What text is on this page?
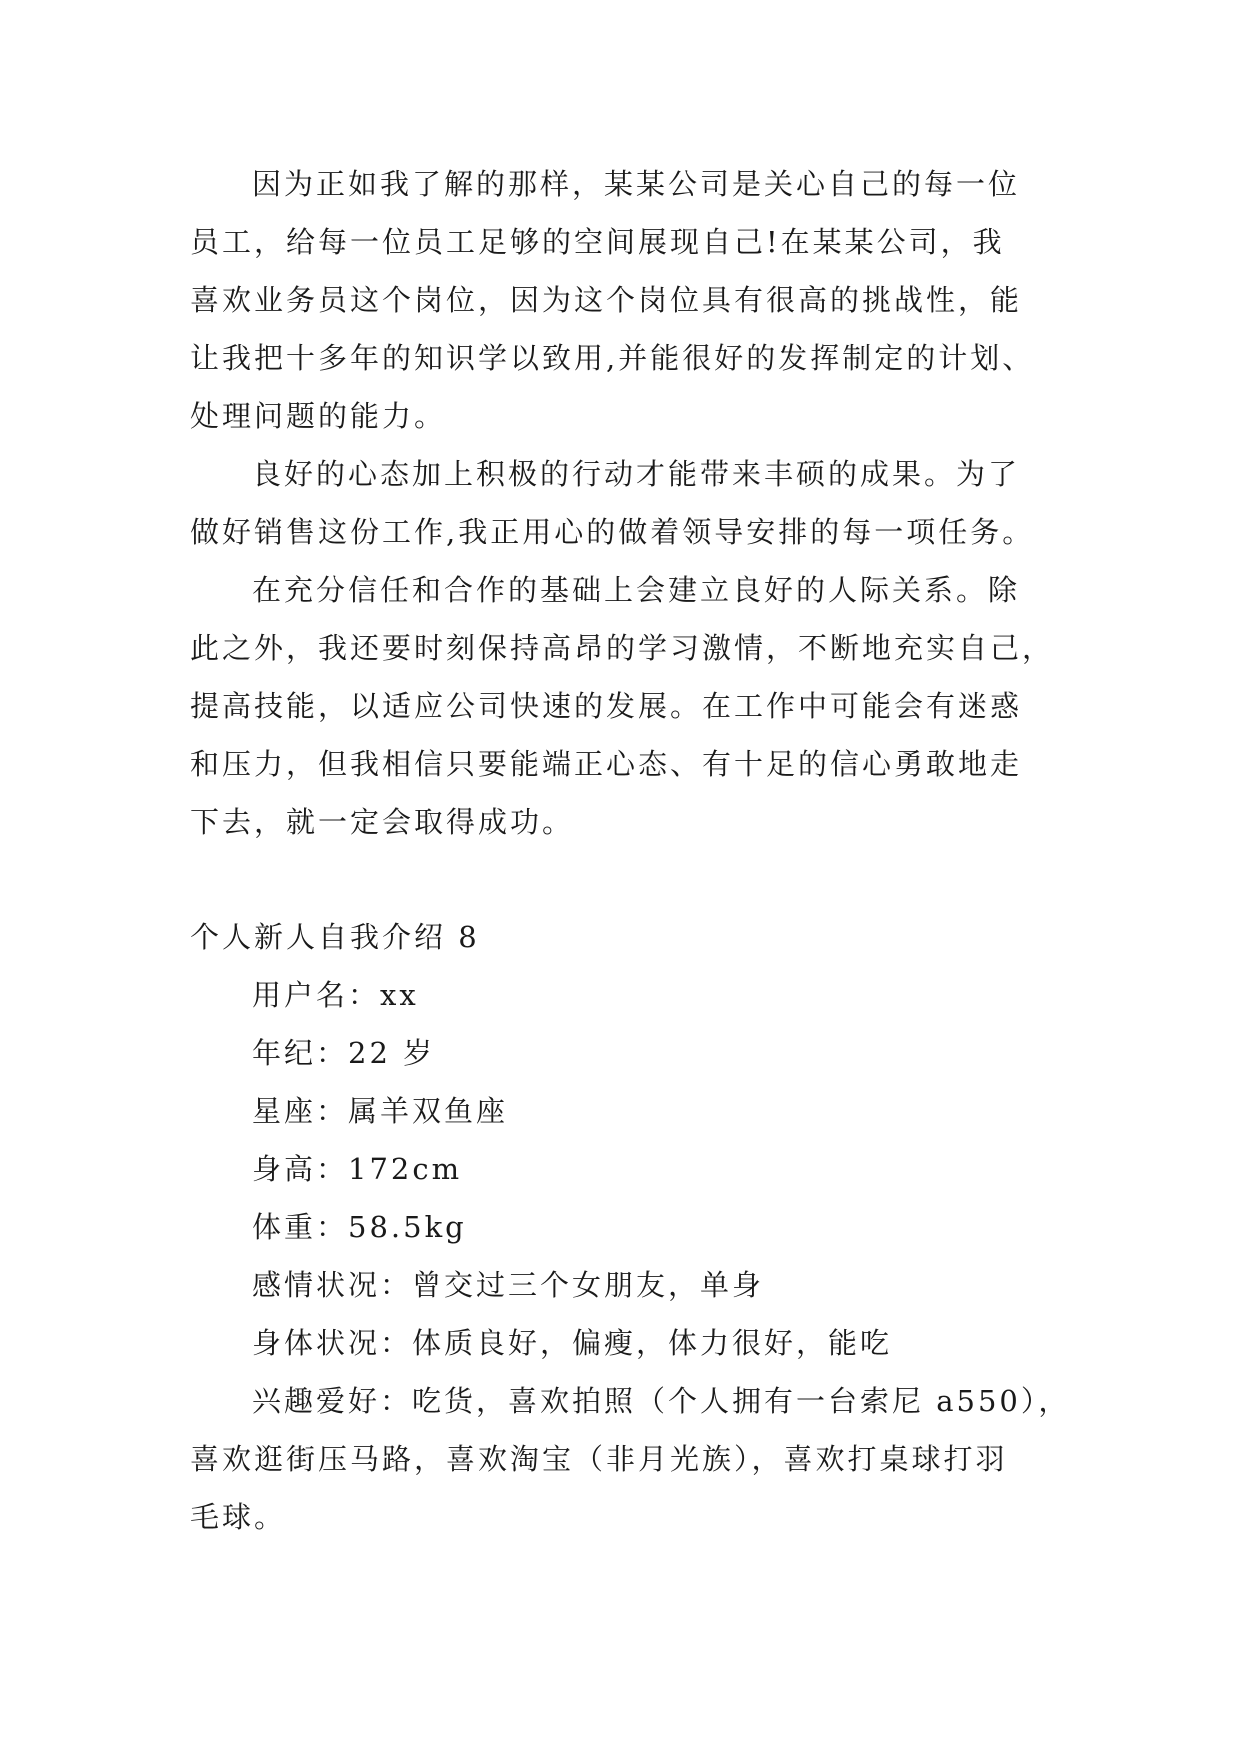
因为正如我了解的那样，某某公司是关心自己的每一位
员工，给每一位员工足够的空间展现自己!在某某公司，我
喜欢业务员这个岗位，因为这个岗位具有很高的挑战性，能
让我把十多年的知识学以致用,并能很好的发挥制定的计划、
处理问题的能力。
良好的心态加上积极的行动才能带来丰硕的成果。为了
做好销售这份工作,我正用心的做着领导安排的每一项任务。
在充分信任和合作的基础上会建立良好的人际关系。除
此之外，我还要时刻保持高昂的学习激情，不断地充实自己，
提高技能，以适应公司快速的发展。在工作中可能会有迷惑
和压力，但我相信只要能端正心态、有十足的信心勇敢地走
下去，就一定会取得成功。
个人新人自我介绍 8
用户名：xx
年纪：22 岁
星座：属羊双鱼座
身高：172cm
体重：58.5kg
感情状况：曾交过三个女朋友，单身
身体状况：体质良好，偏瘦，体力很好，能吃
兴趣爱好：吃货，喜欢拍照（个人拥有一台索尼 a550），
喜欢逛街压马路，喜欢淘宝（非月光族），喜欢打桌球打羽
毛球。
